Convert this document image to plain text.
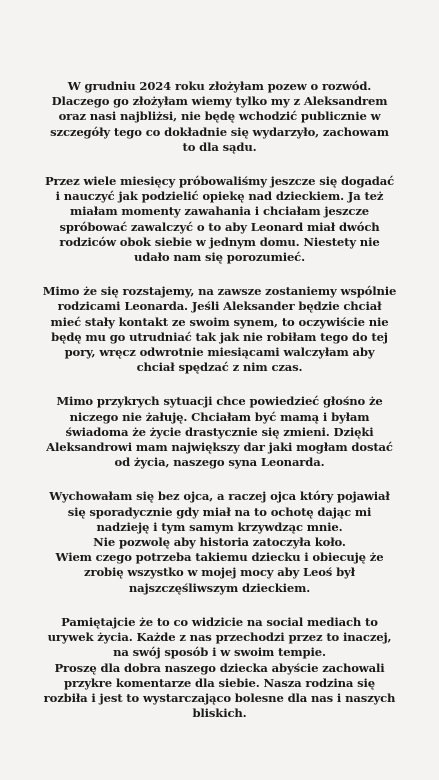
W grudniu 2024 roku złożyłam pozew o rozwód.
Dlaczego go złożyłam wiemy tylko my z Aleksandrem
oraz nasi najbliżsi, nie będę wchodzić publicznie w
szczegóły tego co dokładnie się wydarzyło, zachowam
to dla sądu.

Przez wiele miesięcy próbowaliśmy jeszcze się dogadać
i nauczyć jak podzielić opiekę nad dzieckiem. Ja też
miałam momenty zawahania i chciałam jeszcze
spróbować zawalczyć o to aby Leonard miał dwóch
rodziców obok siebie w jednym domu. Niestety nie
udało nam się porozumieć.

Mimo że się rozstajemy, na zawsze zostaniemy wspólnie
rodzicami Leonarda. Jeśli Aleksander będzie chciał
mieć stały kontakt ze swoim synem, to oczywiście nie
będę mu go utrudniać tak jak nie robiłam tego do tej
pory, wręcz odwrotnie miesiącami walczyłam aby
chciał spędzać z nim czas.

Mimo przykrych sytuacji chce powiedzieć głośno że
niczego nie żałuję. Chciałam być mamą i byłam
świadoma że życie drastycznie się zmieni. Dzięki
Aleksandrowi mam największy dar jaki mogłam dostać
od życia, naszego syna Leonarda.

Wychowałam się bez ojca, a raczej ojca który pojawiał
się sporadycznie gdy miał na to ochotę dając mi
nadzieję i tym samym krzywdząc mnie.
Nie pozwolę aby historia zatoczyła koło.
Wiem czego potrzeba takiemu dziecku i obiecuję że
zrobię wszystko w mojej mocy aby Leoś był
najszczęśliwszym dzieckiem.

Pamiętajcie że to co widzicie na social mediach to
urywek życia. Każde z nas przechodzi przez to inaczej,
na swój sposób i w swoim tempie.
Proszę dla dobra naszego dziecka abyście zachowali
przykre komentarze dla siebie. Nasza rodzina się
rozbiła i jest to wystarczająco bolesne dla nas i naszych
bliskich.
